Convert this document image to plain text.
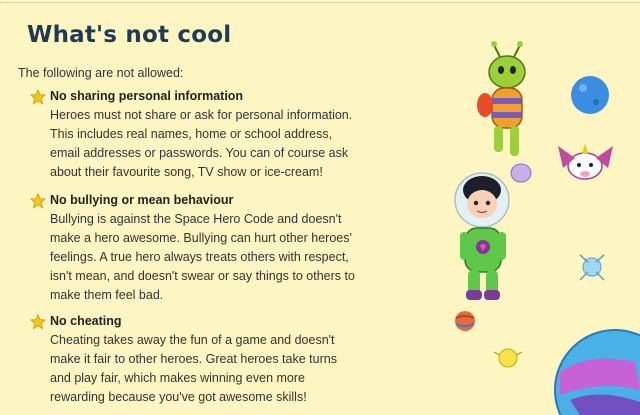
What's not cool

The following are not allowed:

No sharing personal information
Heroes must not share or ask for personal information.
This includes real names, home or school address,
email addresses or passwords. You can of course ask
about their favourite song, TV show or ice-cream!
No bullying or mean behaviour
Bullying is against the Space Hero Code and doesn't
make a hero awesome. Bullying can hurt other heroes'
feelings. A true hero always treats others with respect,
isn't mean, and doesn't swear or say things to others to
make them feel bad.
No cheating
Cheating takes away the fun of a game and doesn't
make it fair to other heroes. Great heroes take turns
and play fair, which makes winning even more
rewarding because you've got awesome skills!
